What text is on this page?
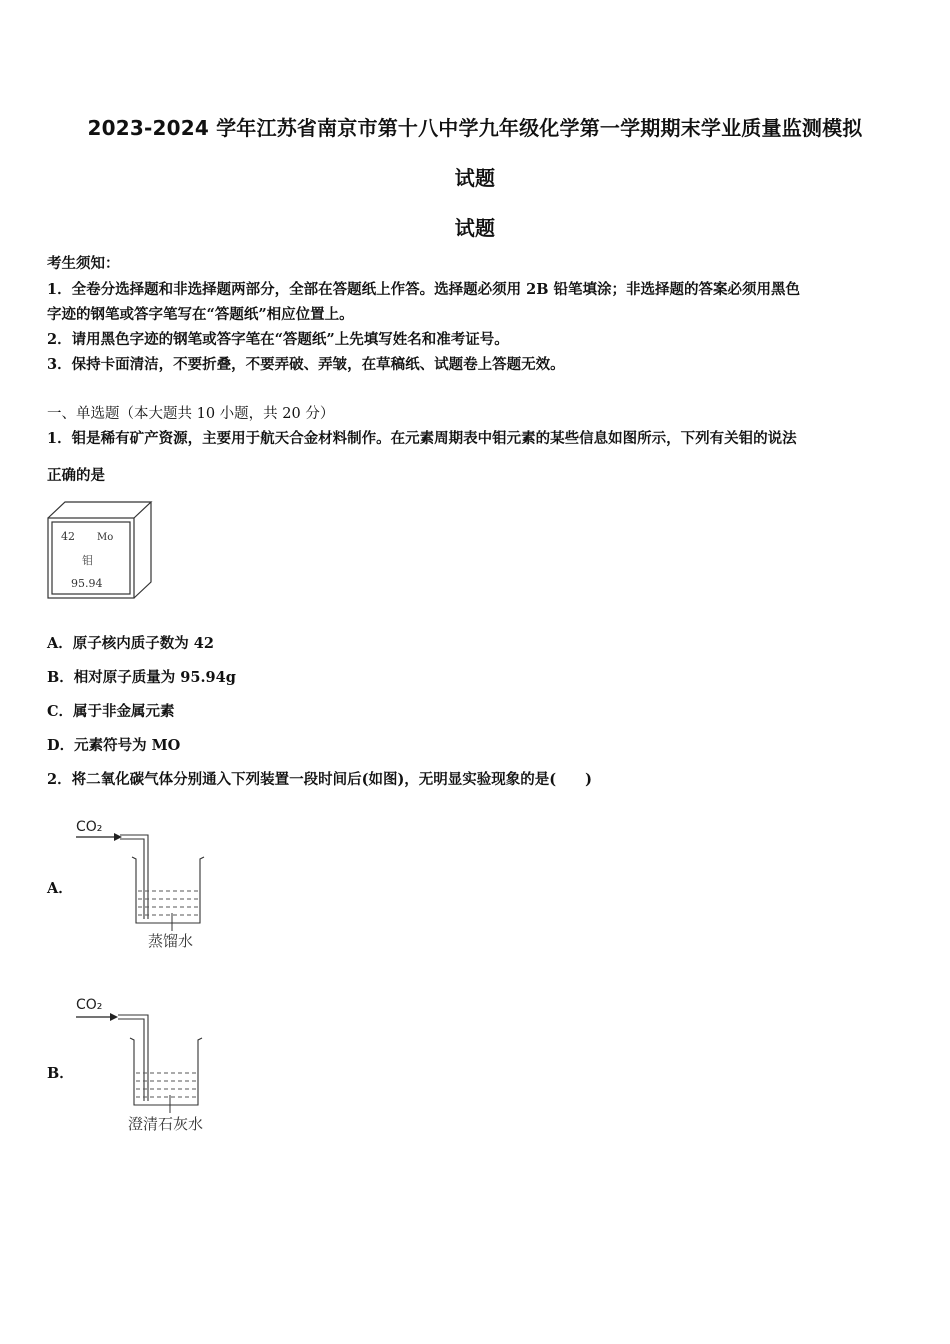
2023-2024 学年江苏省南京市第十八中学九年级化学第一学期期末学业质量监测模拟
试题
试题
考生须知：
1．全卷分选择题和非选择题两部分，全部在答题纸上作答。选择题必须用 2B 铅笔填涂；非选择题的答案必须用黑色
字迹的钢笔或答字笔写在“答题纸”相应位置上。
2．请用黑色字迹的钢笔或答字笔在“答题纸”上先填写姓名和准考证号。
3．保持卡面清洁，不要折叠，不要弄破、弄皱，在草稿纸、试题卷上答题无效。
一、单选题（本大题共 10 小题，共 20 分）
1．钼是稀有矿产资源，主要用于航天合金材料制作。在元素周期表中钼元素的某些信息如图所示，下列有关钼的说法
正确的是
42 Mo
钼
95.94
A．原子核内质子数为 42
B．相对原子质量为 95.94g
C．属于非金属元素
D．元素符号为 MO
2．将二氧化碳气体分别通入下列装置一段时间后(如图)，无明显实验现象的是(　　)
A．
CO₂
蒸馏水
B．
CO₂
澄清石灰水
